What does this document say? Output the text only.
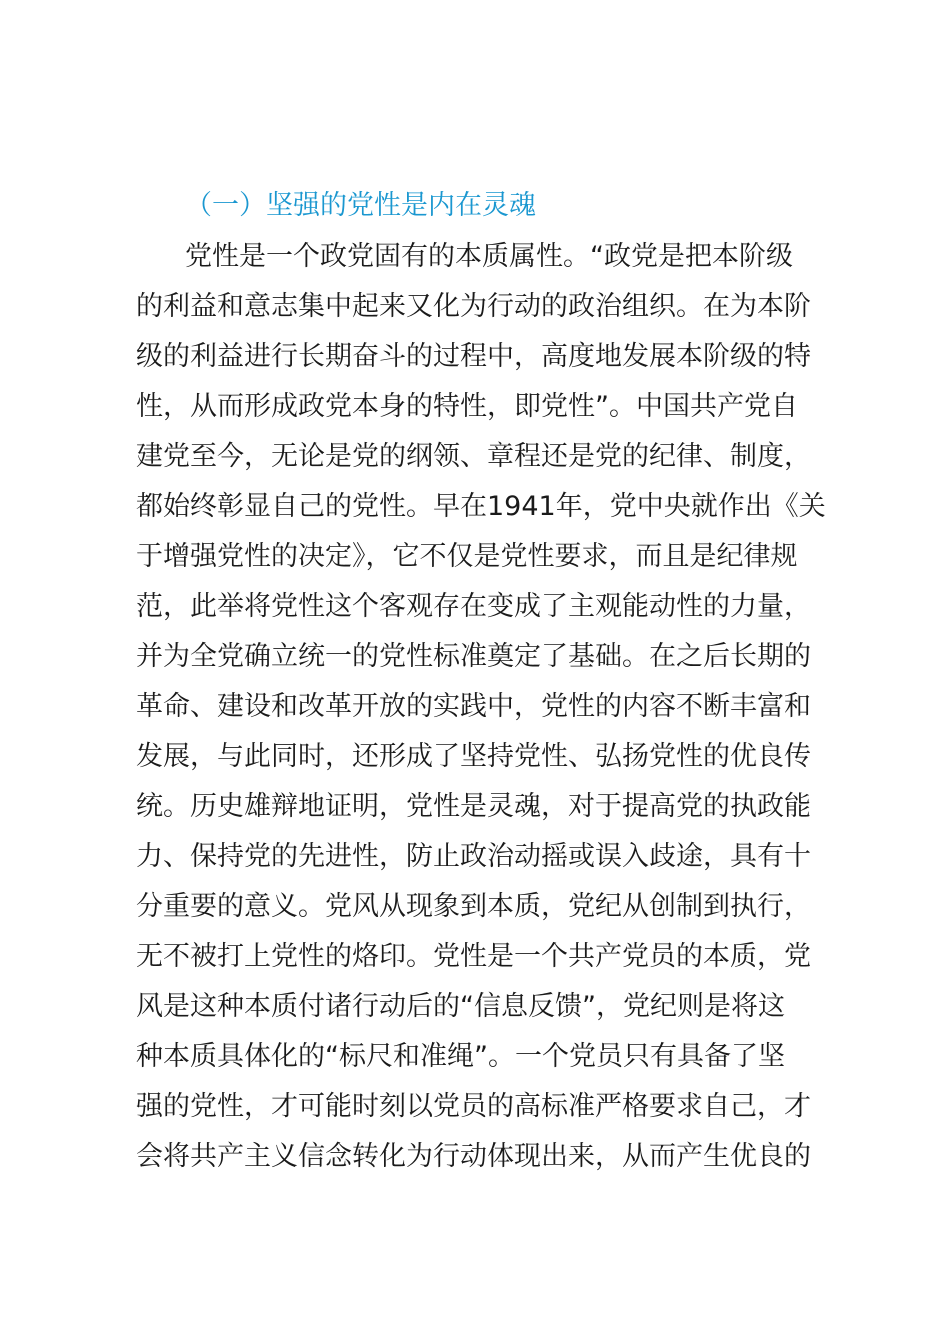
（一）坚强的党性是内在灵魂
党性是一个政党固有的本质属性。“政党是把本阶级
的利益和意志集中起来又化为行动的政治组织。在为本阶
级的利益进行长期奋斗的过程中，高度地发展本阶级的特
性，从而形成政党本身的特性，即党性”。中国共产党自
建党至今，无论是党的纲领、章程还是党的纪律、制度，
都始终彰显自己的党性。早在1941年，党中央就作出《关
于增强党性的决定》，它不仅是党性要求，而且是纪律规
范，此举将党性这个客观存在变成了主观能动性的力量，
并为全党确立统一的党性标准奠定了基础。在之后长期的
革命、建设和改革开放的实践中，党性的内容不断丰富和
发展，与此同时，还形成了坚持党性、弘扬党性的优良传
统。历史雄辩地证明，党性是灵魂，对于提高党的执政能
力、保持党的先进性，防止政治动摇或误入歧途，具有十
分重要的意义。党风从现象到本质，党纪从创制到执行，
无不被打上党性的烙印。党性是一个共产党员的本质，党
风是这种本质付诸行动后的“信息反馈”，党纪则是将这
种本质具体化的“标尺和准绳”。一个党员只有具备了坚
强的党性，才可能时刻以党员的高标准严格要求自己，才
会将共产主义信念转化为行动体现出来，从而产生优良的
